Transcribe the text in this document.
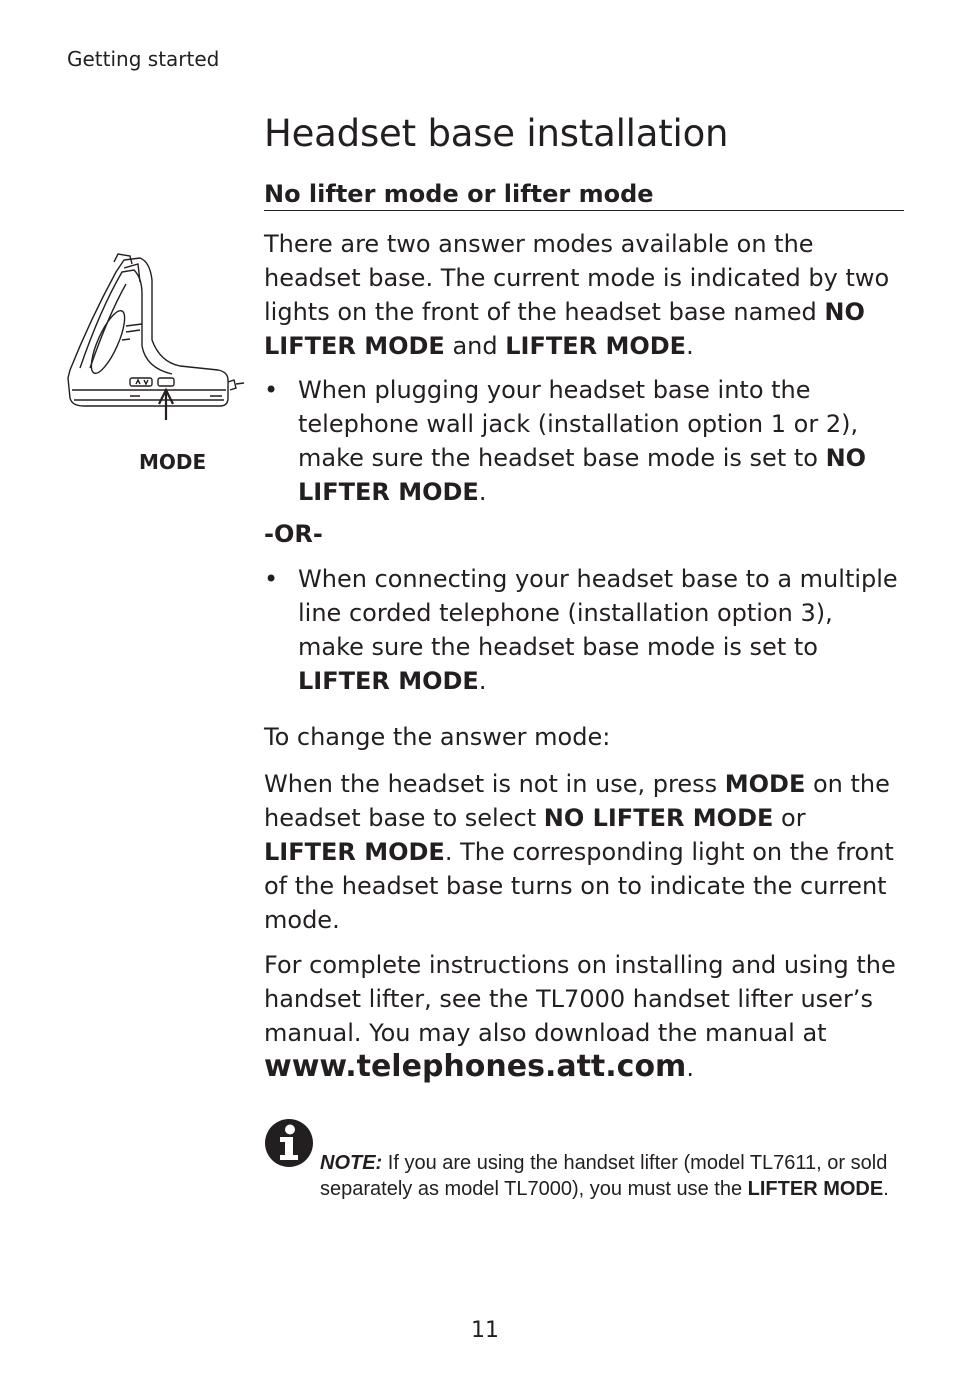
Getting started
Headset base installation
No lifter mode or lifter mode

There are two answer modes available on the headset base. The current mode is indicated by two lights on the front of the headset base named NO LIFTER MODE and LIFTER MODE.

• When plugging your headset base into the telephone wall jack (installation option 1 or 2), make sure the headset base mode is set to NO LIFTER MODE.

-OR-

• When connecting your headset base to a multiple line corded telephone (installation option 3), make sure the headset base mode is set to LIFTER MODE.

To change the answer mode:

When the headset is not in use, press MODE on the headset base to select NO LIFTER MODE or LIFTER MODE. The corresponding light on the front of the headset base turns on to indicate the current mode.

For complete instructions on installing and using the handset lifter, see the TL7000 handset lifter user’s manual. You may also download the manual at www.telephones.att.com.

NOTE: If you are using the handset lifter (model TL7611, or sold separately as model TL7000), you must use the LIFTER MODE.

MODE
11
